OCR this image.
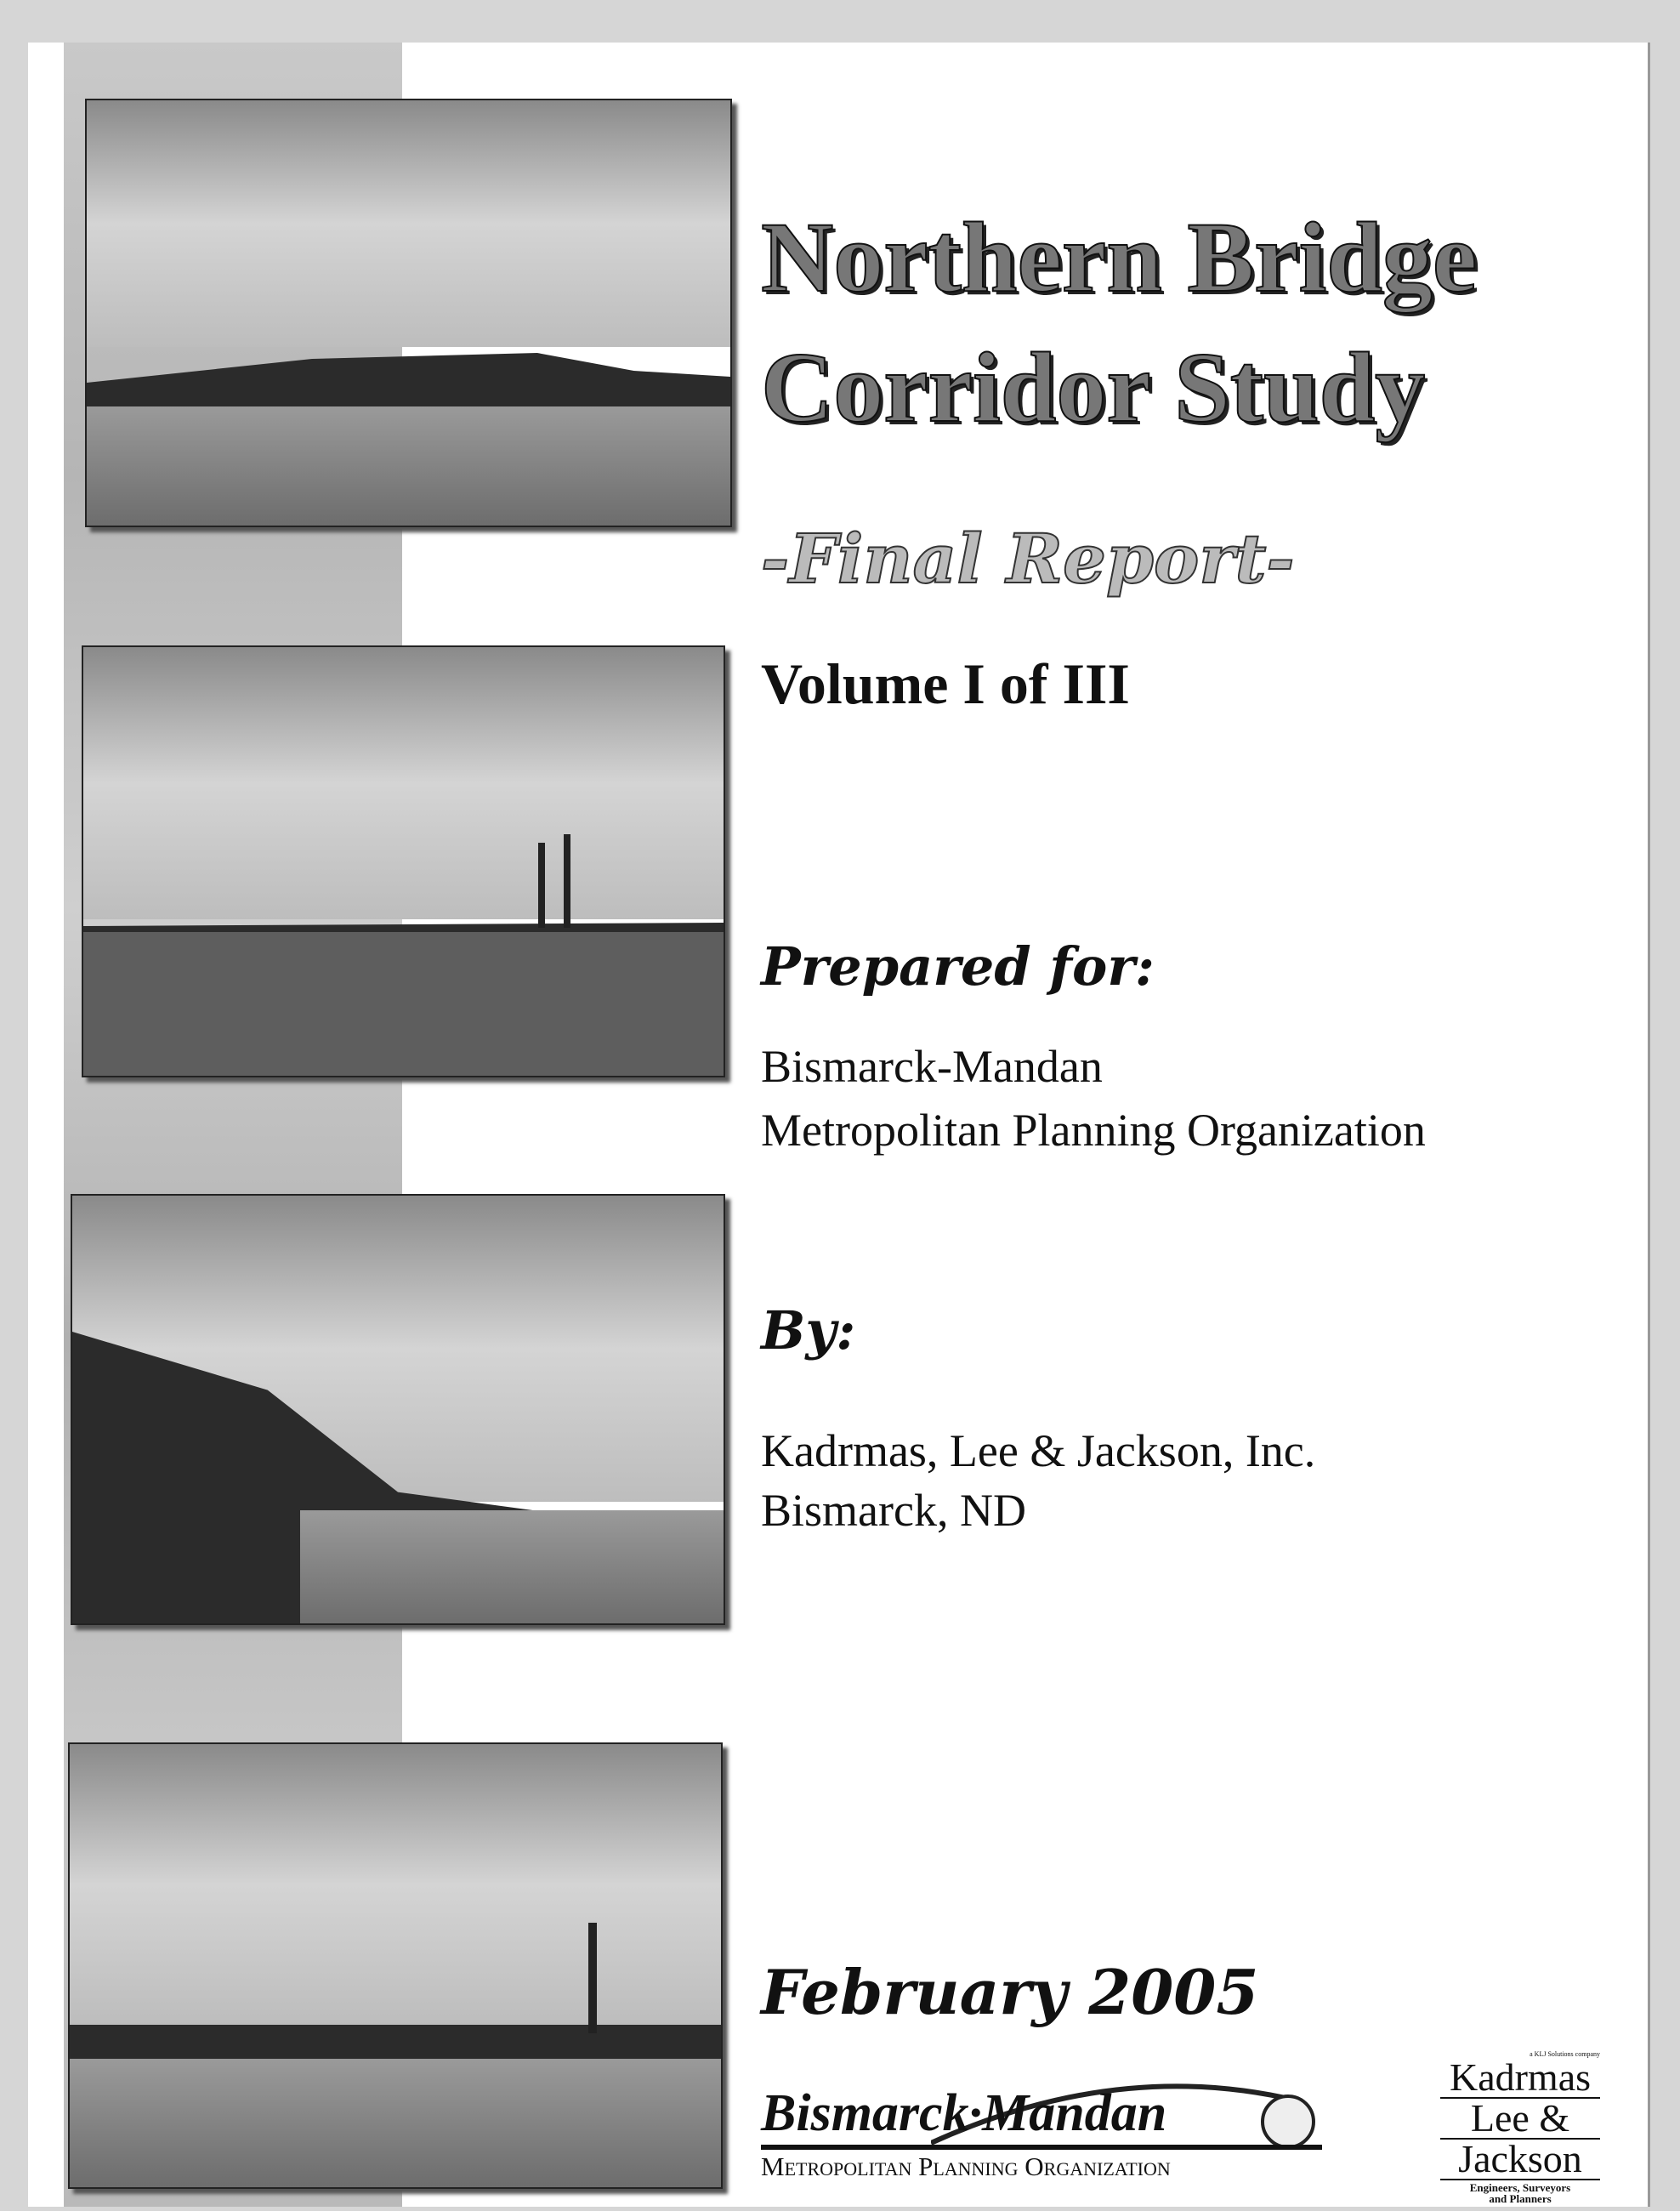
Northern Bridge
Corridor Study
-Final Report-
Volume I of III
Prepared for:
Bismarck-Mandan
Metropolitan Planning Organization
By:
Kadrmas, Lee & Jackson, Inc.
Bismarck, ND
February 2005
Bismarck·Mandan
Metropolitan Planning Organization
a KLJ Solutions company
Kadrmas
Lee &
Jackson
Engineers, Surveyors
and Planners
